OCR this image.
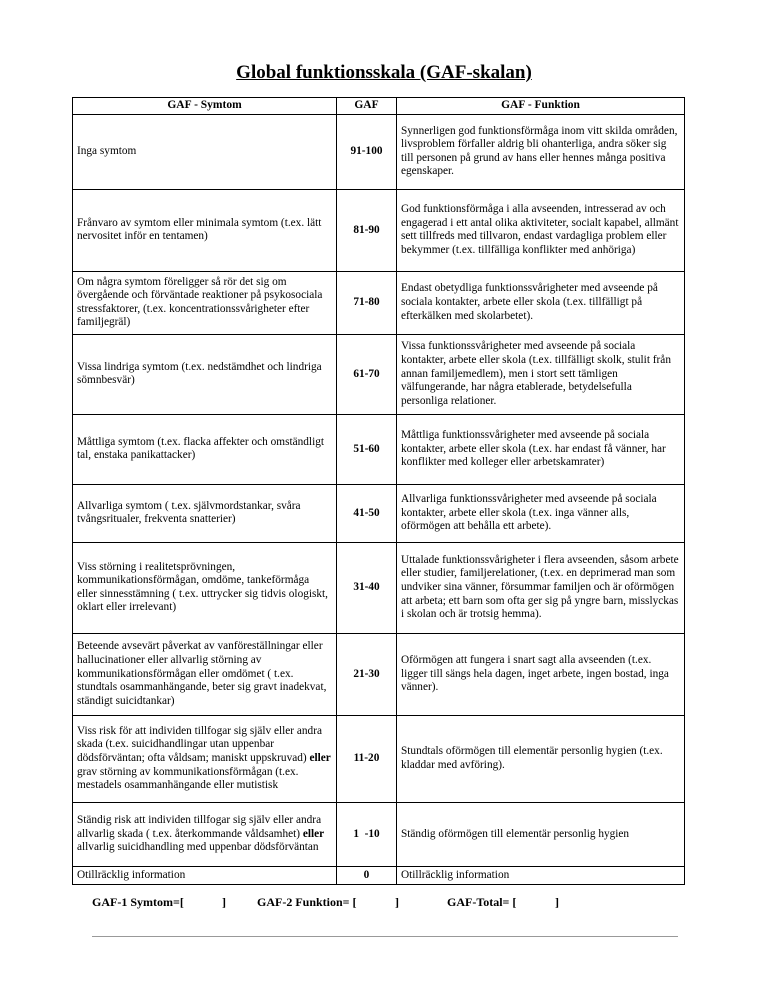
Global funktionsskala (GAF-skalan)
GAF - Symtom	GAF	GAF - Funktion
Inga symtom	91-100	Synnerligen god funktionsförmåga inom vitt skilda områden, livsproblem förfaller aldrig bli ohanterliga, andra söker sig till personen på grund av hans eller hennes många positiva egenskaper.
Frånvaro av symtom eller minimala symtom (t.ex. lätt nervositet inför en tentamen)	81-90	God funktionsförmåga i alla avseenden, intresserad av och engagerad i ett antal olika aktiviteter, socialt kapabel, allmänt sett tillfreds med tillvaron, endast vardagliga problem eller bekymmer (t.ex. tillfälliga konflikter med anhöriga)
Om några symtom föreligger så rör det sig om övergående och förväntade reaktioner på psykosociala stressfaktorer, (t.ex. koncentrationssvårigheter efter familjegräl)	71-80	Endast obetydliga funktionssvårigheter med avseende på sociala kontakter, arbete eller skola (t.ex. tillfälligt på efterkälken med skolarbetet).
Vissa lindriga symtom (t.ex. nedstämdhet och lindriga sömnbesvär)	61-70	Vissa funktionssvårigheter med avseende på sociala kontakter, arbete eller skola (t.ex. tillfälligt skolk, stulit från annan familjemedlem), men i stort sett tämligen välfungerande, har några etablerade, betydelsefulla personliga relationer.
Måttliga symtom (t.ex. flacka affekter och omständligt tal, enstaka panikattacker)	51-60	Måttliga funktionssvårigheter med avseende på sociala kontakter, arbete eller skola (t.ex. har endast få vänner, har konflikter med kolleger eller arbetskamrater)
Allvarliga symtom ( t.ex. självmordstankar, svåra tvångsritualer, frekventa snatterier)	41-50	Allvarliga funktionssvårigheter med avseende på sociala kontakter, arbete eller skola (t.ex. inga vänner alls, oförmögen att behålla ett arbete).
Viss störning i realitetsprövningen, kommunikationsförmågan, omdöme, tankeförmåga eller sinnesstämning ( t.ex. uttrycker sig tidvis ologiskt, oklart eller irrelevant)	31-40	Uttalade funktionssvårigheter i flera avseenden, såsom arbete eller studier, familjerelationer, (t.ex. en deprimerad man som undviker sina vänner, försummar familjen och är oförmögen att arbeta; ett barn som ofta ger sig på yngre barn, misslyckas i skolan och är trotsig hemma).
Beteende avsevärt påverkat av vanföreställningar eller hallucinationer eller allvarlig störning av kommunikationsförmågan eller omdömet ( t.ex. stundtals osammanhängande, beter sig gravt inadekvat, ständigt suicidtankar)	21-30	Oförmögen att fungera i snart sagt alla avseenden (t.ex. ligger till sängs hela dagen, inget arbete, ingen bostad, inga vänner).
Viss risk för att individen tillfogar sig själv eller andra skada (t.ex. suicidhandlingar utan uppenbar dödsförväntan; ofta våldsam; maniskt uppskruvad) eller grav störning av kommunikationsförmågan (t.ex. mestadels osammanhängande eller mutistisk	11-20	Stundtals oförmögen till elementär personlig hygien (t.ex. kladdar med avföring).
Ständig risk att individen tillfogar sig själv eller andra allvarlig skada ( t.ex. återkommande våldsamhet) eller allvarlig suicidhandling med uppenbar dödsförväntan	1  -10	Ständig oförmögen till elementär personlig hygien
Otillräcklig information	0	Otillräcklig information
GAF-1 Symtom=[	]	GAF-2 Funktion= [	]	GAF-Total= [	]
